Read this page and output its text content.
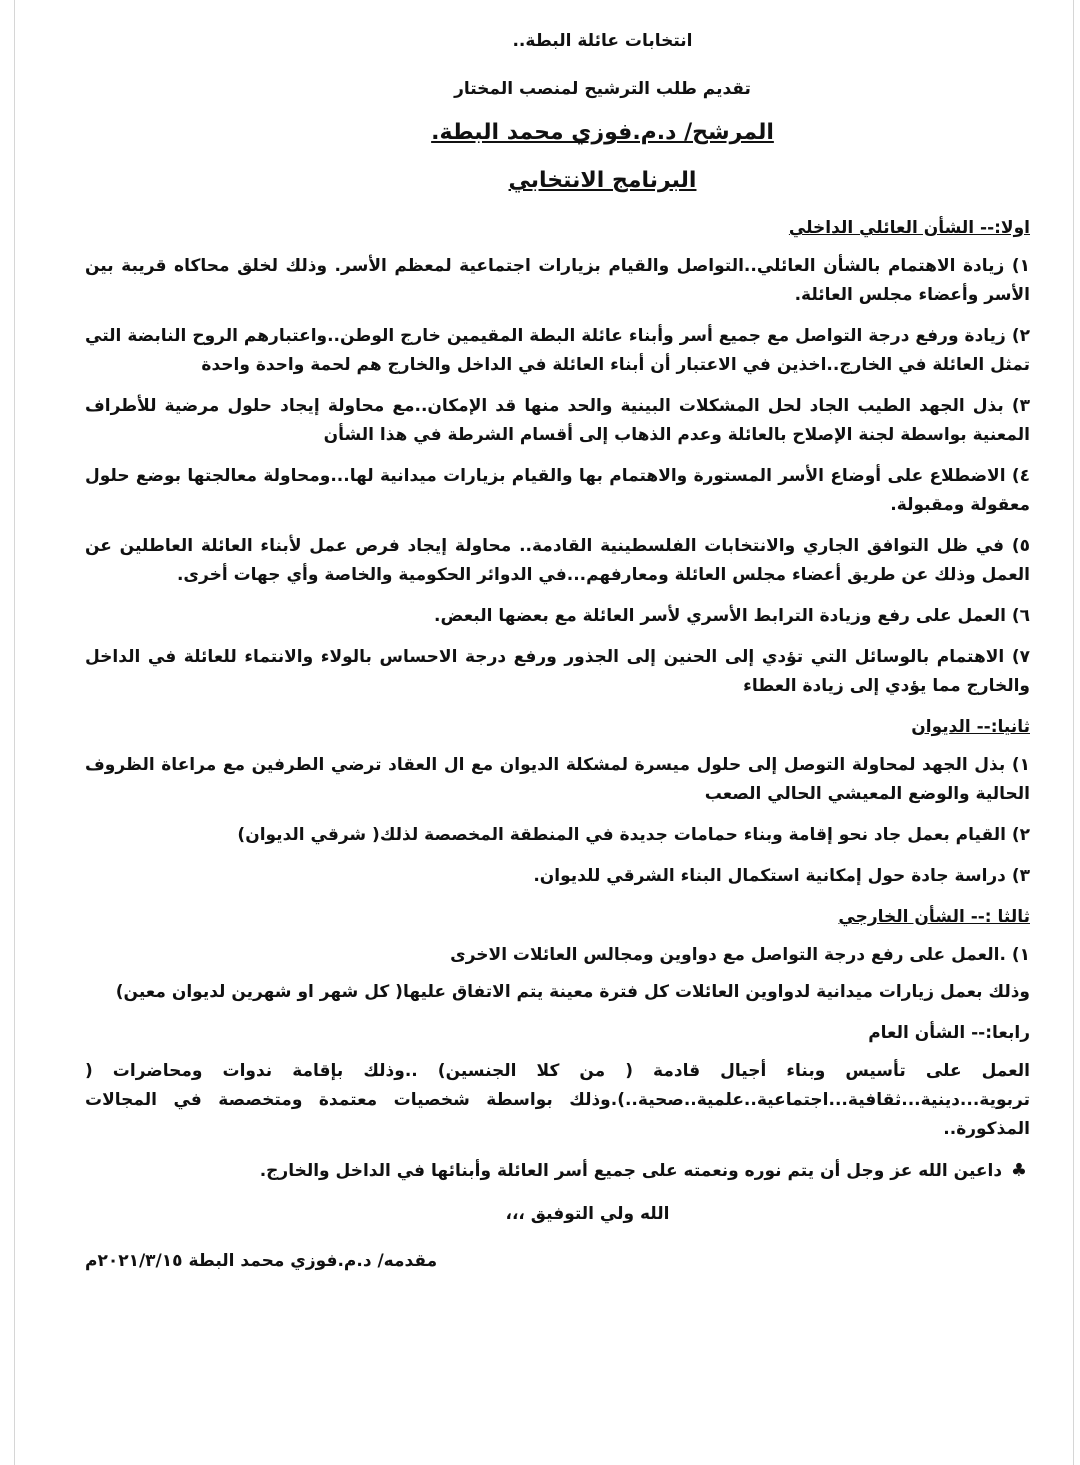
انتخابات عائلة البطة..
تقديم طلب الترشيح لمنصب المختار
المرشح/ د.م.فوزي محمد البطة.
البرنامج الانتخابي
اولا:-- الشأن العائلي الداخلي
١) زيادة الاهتمام بالشأن العائلي..التواصل والقيام بزيارات اجتماعية لمعظم الأسر. وذلك لخلق محاكاه قريبة بين الأسر وأعضاء مجلس العائلة.
٢) زيادة ورفع درجة التواصل مع جميع أسر وأبناء عائلة البطة المقيمين خارج الوطن..واعتبارهم الروح النابضة التي تمثل العائلة في الخارج..اخذين في الاعتبار أن أبناء العائلة في الداخل والخارج هم لحمة واحدة واحدة
٣) بذل الجهد الطيب الجاد لحل المشكلات البينية والحد منها قد الإمكان..مع محاولة إيجاد حلول مرضية للأطراف المعنية بواسطة لجنة الإصلاح بالعائلة وعدم الذهاب إلى أقسام الشرطة في هذا الشأن
٤) الاضطلاع على أوضاع الأسر المستورة والاهتمام بها والقيام بزيارات ميدانية لها...ومحاولة معالجتها بوضع حلول معقولة ومقبولة.
٥) في ظل التوافق الجاري والانتخابات الفلسطينية القادمة.. محاولة إيجاد فرص عمل لأبناء العائلة العاطلين عن العمل وذلك عن طريق أعضاء مجلس العائلة ومعارفهم...في الدوائر الحكومية والخاصة وأي جهات أخرى.
٦) العمل على رفع وزيادة الترابط الأسري لأسر العائلة مع بعضها البعض.
٧) الاهتمام بالوسائل التي تؤدي إلى الحنين إلى الجذور ورفع درجة الاحساس بالولاء والانتماء للعائلة في الداخل والخارج مما يؤدي إلى زيادة العطاء
ثانيا:-- الديوان
١) بذل الجهد لمحاولة التوصل إلى حلول ميسرة لمشكلة الديوان مع ال العقاد ترضي الطرفين مع مراعاة الظروف الحالية والوضع المعيشي الحالي الصعب
٢) القيام بعمل جاد نحو إقامة وبناء حمامات جديدة في المنطقة المخصصة لذلك( شرقي الديوان)
٣) دراسة جادة حول إمكانية استكمال البناء الشرقي للديوان.
ثالثا :-- الشأن الخارجي
١) .العمل على رفع درجة التواصل مع دواوين ومجالس العائلات الاخرى
وذلك بعمل زيارات ميدانية لدواوين العائلات كل فترة معينة يتم الاتفاق عليها( كل شهر او شهرين لديوان معين)
رابعا:-- الشأن العام
العمل على تأسيس وبناء أجيال قادمة ( من كلا الجنسين) ..وذلك بإقامة ندوات ومحاضرات ( تربوية...دينية...ثقافية...اجتماعية..علمية..صحية..).وذلك بواسطة شخصيات معتمدة ومتخصصة في المجالات المذكورة..
♣ داعين الله عز وجل أن يتم نوره ونعمته على جميع أسر العائلة وأبنائها في الداخل والخارج.
الله ولي التوفيق ،،،
مقدمه/ د.م.فوزي محمد البطة ٢٠٢١/٣/١٥م
